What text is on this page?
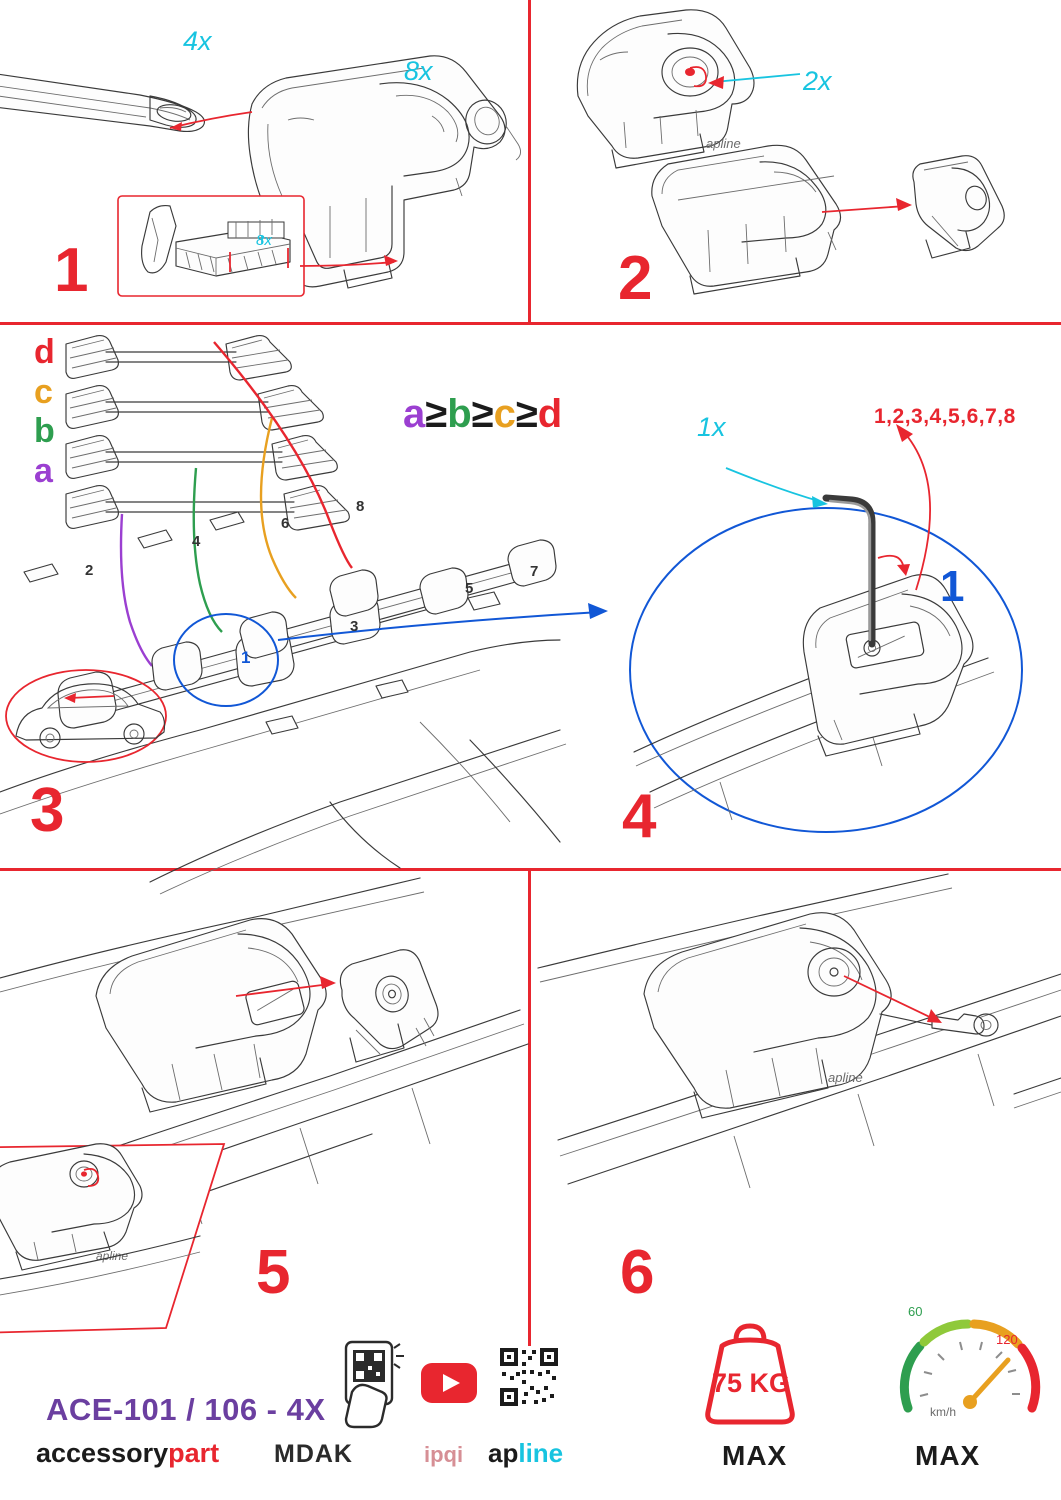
4x
8x
8x
1
apline
2x
2
d
c
b
a
a≥b≥c≥d
2
3
4
5
6
7
8
1
3
1x	1,2,3,4,5,6,7,8
1
4
apline 5
apline
6
ACE-101 / 106 - 4X
accessorypart MDAK	ipqi apline
75 KG
MAX
60
120
km/h
MAX
